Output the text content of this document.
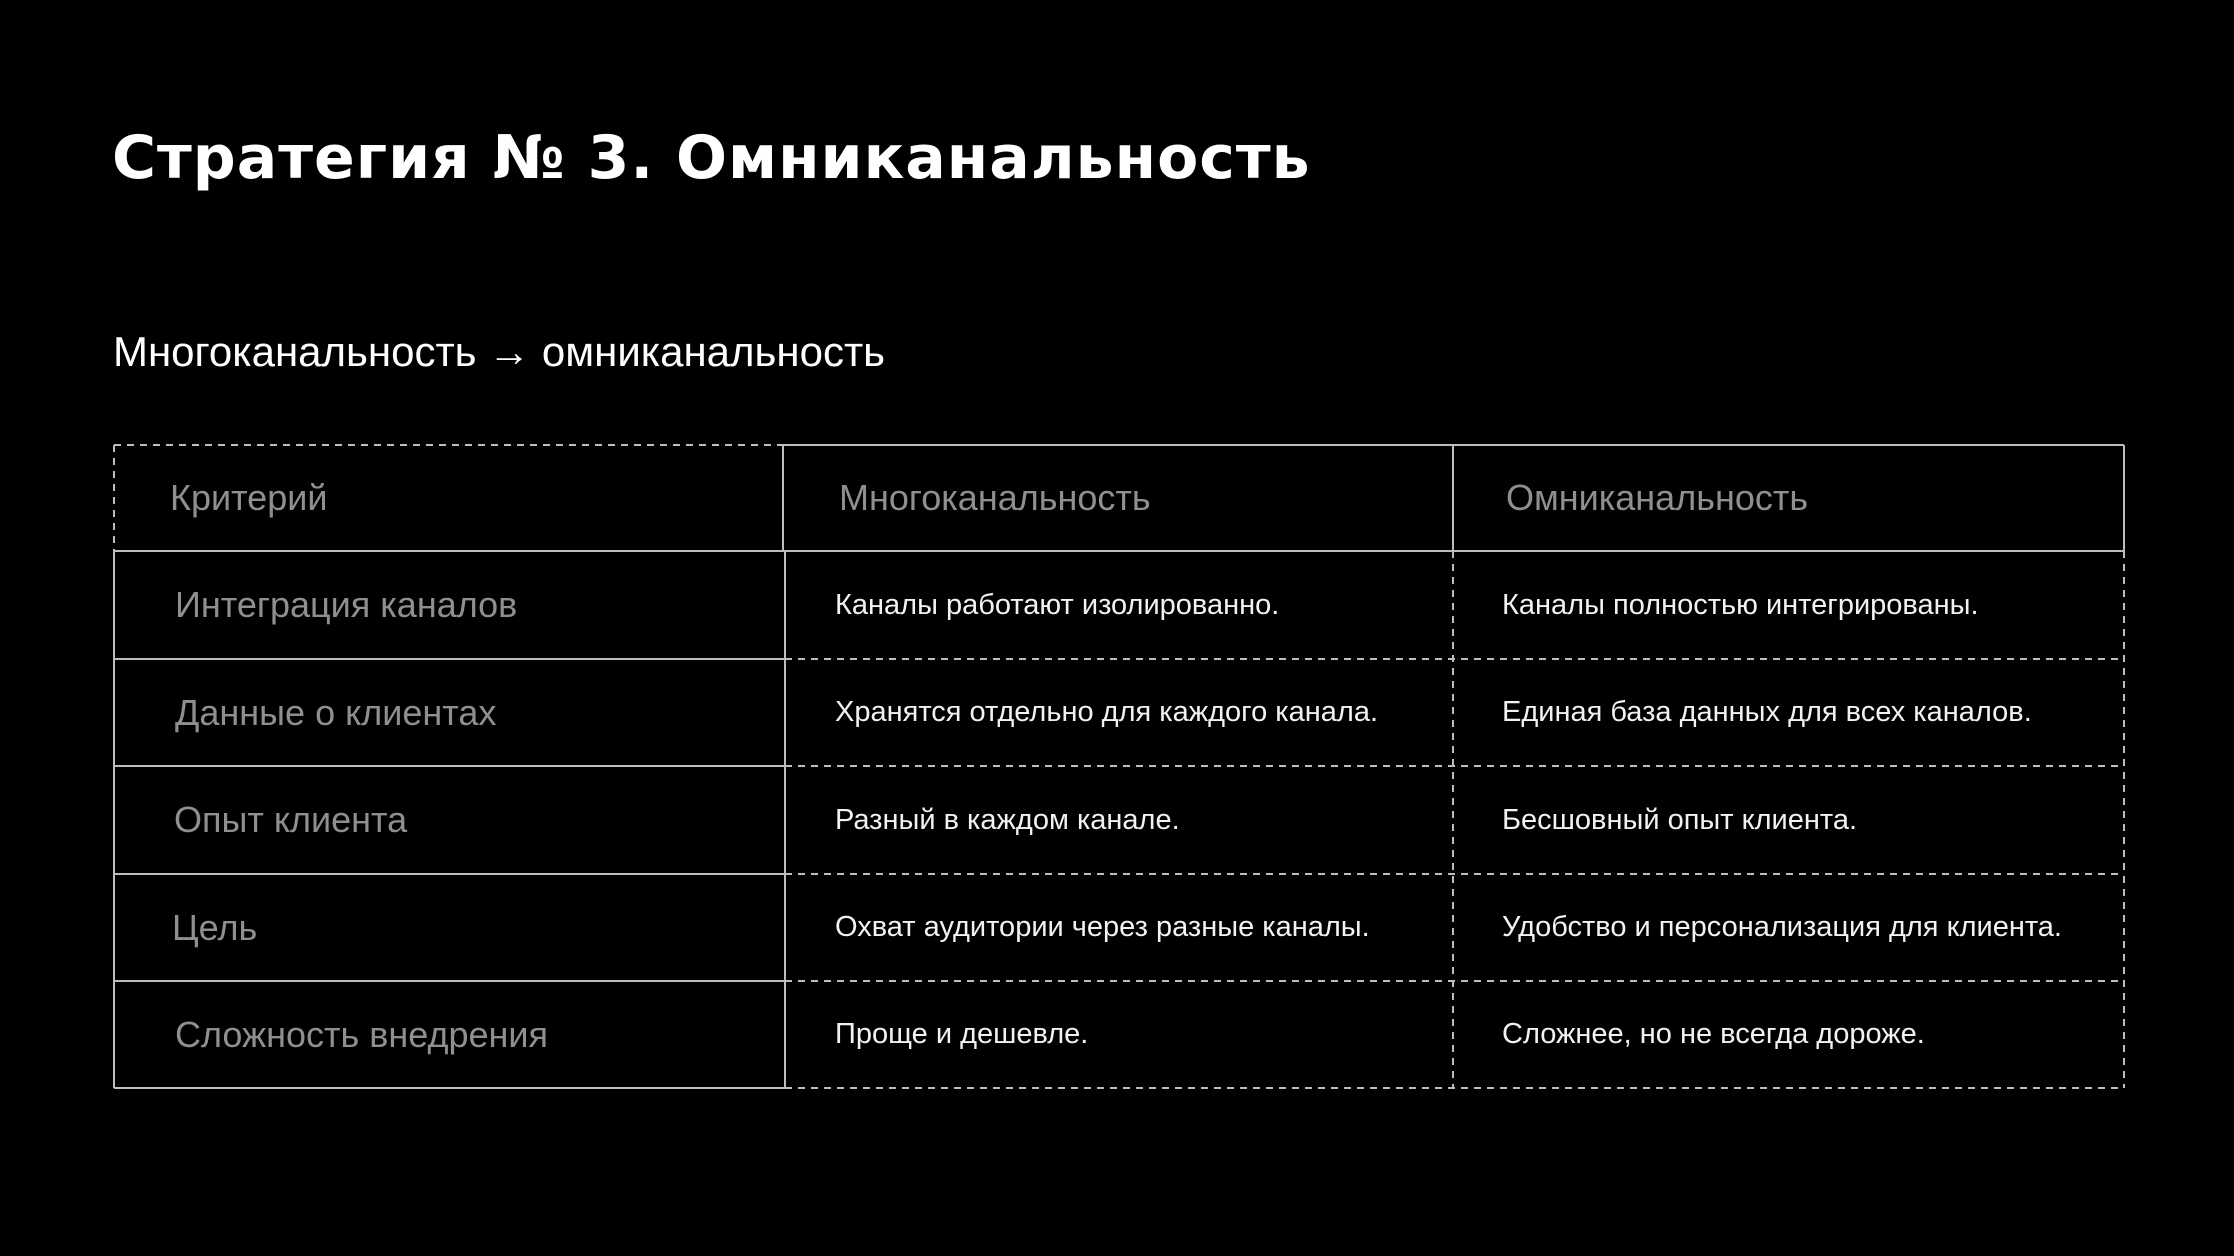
Стратегия № 3. Омниканальность

Многоканальность → омниканальность

Критерий	Многоканальность	Омниканальность
Интеграция каналов	Каналы работают изолированно.	Каналы полностью интегрированы.
Данные о клиентах	Хранятся отдельно для каждого канала.	Единая база данных для всех каналов.
Опыт клиента	Разный в каждом канале.	Бесшовный опыт клиента.
Цель	Охват аудитории через разные каналы.	Удобство и персонализация для клиента.
Сложность внедрения	Проще и дешевле.	Сложнее, но не всегда дороже.
